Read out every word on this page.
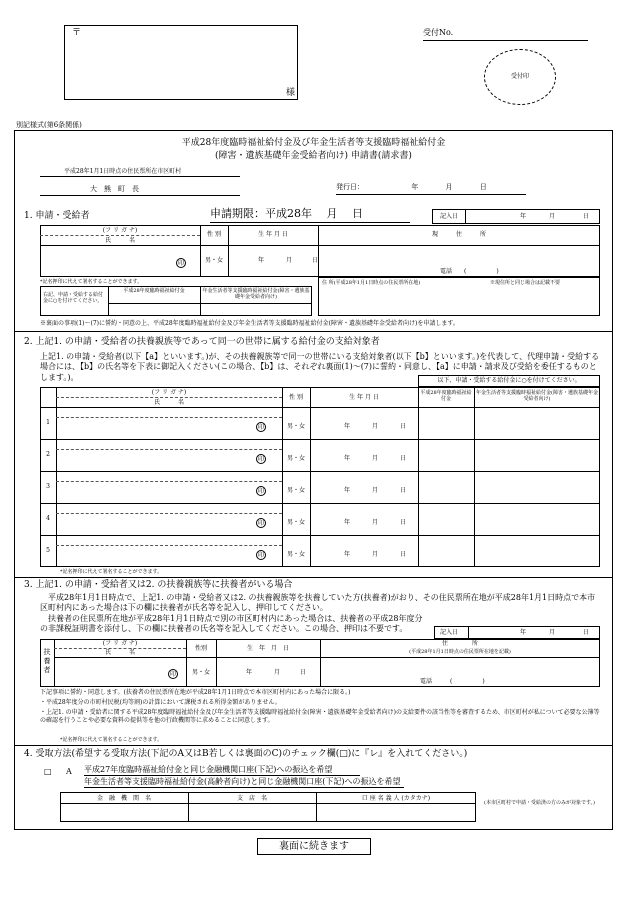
〒
様
受付No.
受付印
別記様式(第6条関係)
平成28年度臨時福祉給付金及び年金生活者等支援臨時福祉給付金
(障害・遺族基礎年金受給者向け) 申請書(請求書)
平成28年1月1日時点の住民票所在市区町村
大　熊　町　長	発行日：	年	月	日
1. 申請・受給者	申請期限：平成28年　 月　 日	記入日	年	月	日
(フ リ ガ ナ)
氏　　　名
性 別	生 年 月 日	現　　　住　　　所
印	男・女	年	月	日
電話　　(　　　　　)
*記名押印に代えて署名することができます。
右記、申請・受給する給付金に○を付けてください。
平成28年度臨時福祉給付金	年金生活者等支援臨時福祉給付金(障害・遺族基礎年金受給者向け)
住 所(平成28年1月1日時点の住民票所在地)	※現住所と同じ場合は記載不要
※裏面の事項(1)～(7)に誓約・同意の上、平成28年度臨時福祉給付金及び年金生活者等支援臨時福祉給付金(障害・遺族基礎年金受給者向け)を申請します。
2. 上記1. の申請・受給者の扶養親族等であって同一の世帯に属する給付金の支給対象者
上記1. の申請・受給者(以下【a】といいます。)が、その扶養親族等で同一の世帯にいる支給対象者(以下【b】といいます。)を代表して、代理申請・受給する場合には、【b】の氏名等を下表に御記入ください(この場合、【b】は、それぞれ裏面(1)～(7)に誓約・同意し、【a】に申請・請求及び受給を委任するものとします。)。	以下、申請・受給する給付金に○を付けてください。
(フ リ ガ ナ)
氏　　　名
性 別	生 年 月 日
平成28年度臨時福祉給付金
年金生活者等支援臨時福祉給付金(障害・遺族基礎年金受給者向け)
1
印	男・女	年	月	日
2
印	男・女	年	月	日
3
印	男・女	年	月	日
4
印	男・女	年	月	日
5
印	男・女	年	月	日
*記名押印に代えて署名することができます。
3. 上記1. の申請・受給者又は2. の扶養親族等に扶養者がいる場合
平成28年1月1日時点で、上記1. の申請・受給者又は2. の扶養親族等を扶養していた方(扶養者)がおり、その住民票所在地が平成28年1月1日時点で本市区町村内にあった場合は下の欄に扶養者が氏名等を記入し、押印してください。
扶養者の住民票所在地が平成28年1月1日時点で別の市区町村内にあった場合は、扶養者の平成28年度分の非課税証明書を添付し、下の欄に扶養者の氏名等を記入してください。この場合、押印は不要です。	記入日	年	月	日
扶養者
(フ リ ガ ナ)
氏　　　名
性別	生　年　月　日
住　　　　所
(平成28年1月1日時点の住民票所在地を記載)
印	男・女	年	月	日
電話　　　(　　　　　)
下記事項に誓約・同意します。(扶養者の住民票所在地が平成28年1月1日時点で本市区町村内にあった場合に限る。)
・平成28年度分の市町村民税(均等割)の計算において課税される所得金額がありません。
・上記1. の申請・受給者に関する平成28年度臨時福祉給付金及び年金生活者等支援臨時福祉給付金(障害・遺族基礎年金受給者向け)の支給要件の該当性等を審査するため、市区町村が私について必要な公簿等の確認を行うことや必要な資料の提供等を他の行政機関等に求めることに同意します。
*記名押印に代えて署名することができます。
4. 受取方法(希望する受取方法(下記のA又はB若しくは裏面のC)のチェック欄(□)に『レ』を入れてください。)
□ A 平成27年度臨時福祉給付金と同じ金融機関口座(下記)への振込を希望
年金生活者等支援臨時福祉給付金(高齢者向け)と同じ金融機関口座(下記)への振込を希望
金　融　機　関　名	支　店　名	口 座 名 義 人 (カタカナ)
(本市区町村で申請・受給済の方のみが対象です。)
裏面に続きます
